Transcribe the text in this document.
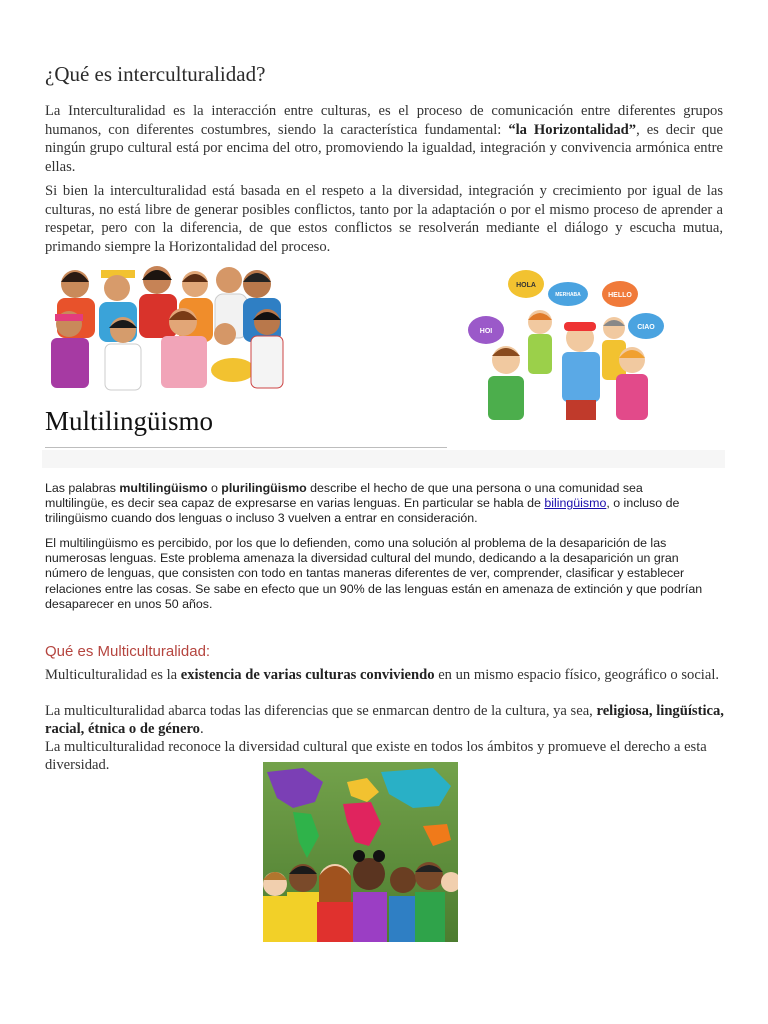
¿Qué es interculturalidad?

La Interculturalidad es la interacción entre culturas, es el proceso de comunicación entre diferentes grupos humanos, con diferentes costumbres, siendo la característica fundamental: “la Horizontalidad”, es decir que ningún grupo cultural está por encima del otro, promoviendo la igualdad, integración y convivencia armónica entre ellas.

Si bien la interculturalidad está basada en el respeto a la diversidad, integración y crecimiento por igual de las culturas, no está libre de generar posibles conflictos, tanto por la adaptación o por el mismo proceso de aprender a respetar, pero con la diferencia, de que estos conflictos se resolverán mediante el diálogo y escucha mutua, primando siempre la Horizontalidad del proceso.

HOLA
MERHABA	HELLO
HOI
CIAO
Multilingüismo

Las palabras multilingüismo o plurilingüismo describe el hecho de que una persona o una comunidad sea multilingüe, es decir sea capaz de expresarse en varias lenguas. En particular se habla de bilingüismo, o incluso de trilingüismo cuando dos lenguas o incluso 3 vuelven a entrar en consideración.

El multilingüismo es percibido, por los que lo defienden, como una solución al problema de la desaparición de las numerosas lenguas. Este problema amenaza la diversidad cultural del mundo, dedicando a la desaparición un gran número de lenguas, que consisten con todo en tantas maneras diferentes de ver, comprender, clasificar y establecer relaciones entre las cosas. Se sabe en efecto que un 90% de las lenguas están en amenaza de extinción y que podrían desaparecer en unos 50 años.

Qué es Multiculturalidad:

Multiculturalidad es la existencia de varias culturas conviviendo en un mismo espacio físico, geográfico o social.

La multiculturalidad abarca todas las diferencias que se enmarcan dentro de la cultura, ya sea, religiosa, lingüística, racial, étnica o de género.

La multiculturalidad reconoce la diversidad cultural que existe en todos los ámbitos y promueve el derecho a esta diversidad.
